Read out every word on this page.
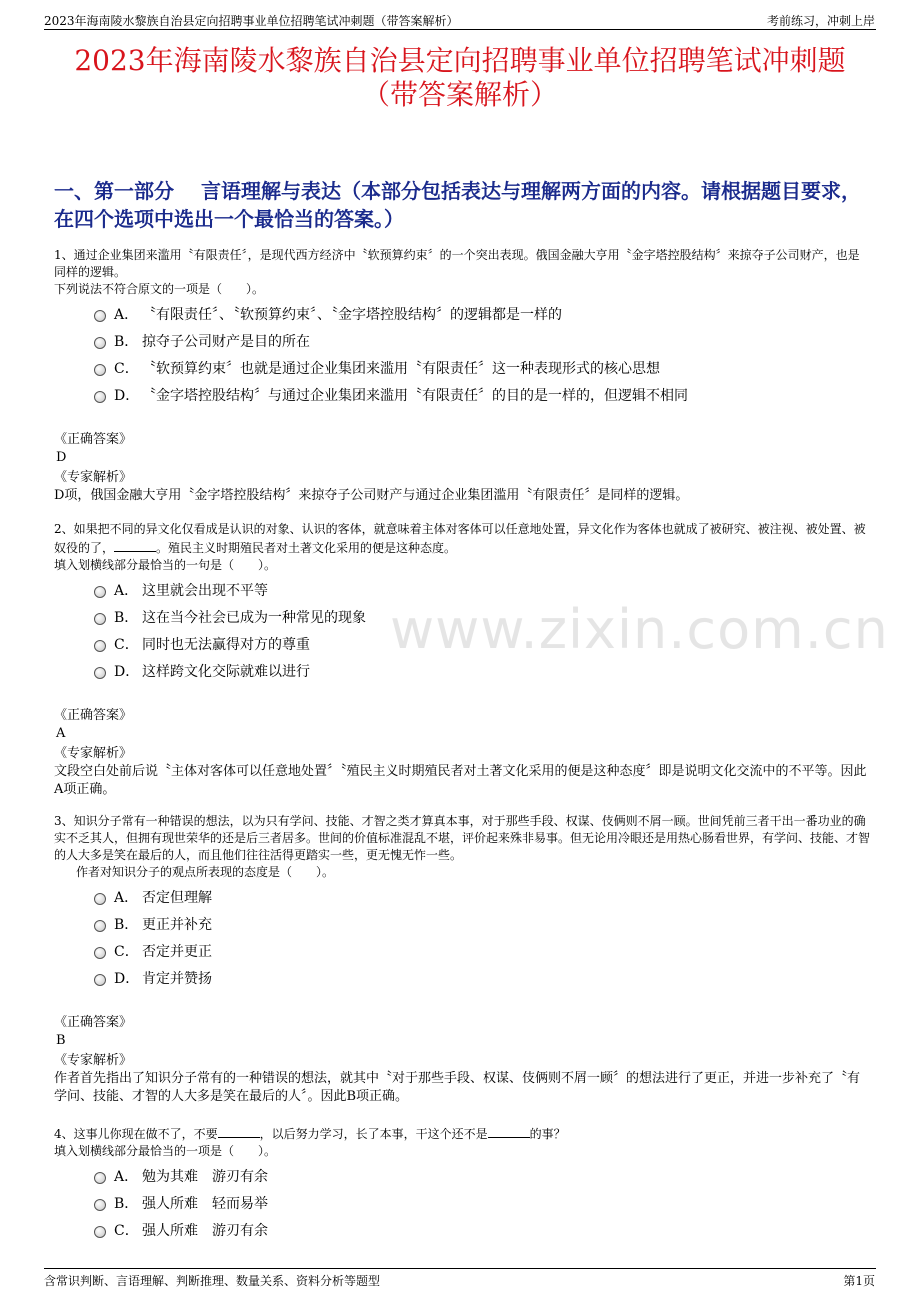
2023年海南陵水黎族自治县定向招聘事业单位招聘笔试冲刺题（带答案解析）	考前练习，冲刺上岸
2023年海南陵水黎族自治县定向招聘事业单位招聘笔试冲刺题
（带答案解析）
一、第一部分　 言语理解与表达（本部分包括表达与理解两方面的内容。请根据题目要求，在四个选项中选出一个最恰当的答案。）
www.zixin.com.cn

1、通过企业集团来滥用〝有限责任〞，是现代西方经济中〝软预算约束〞的一个突出表现。俄国金融大亨用〝金字塔控股结构〞来掠夺子公司财产，也是同样的逻辑。

下列说法不符合原文的一项是（　　）。

A． 〝有限责任〞、〝软预算约束〞、〝金字塔控股结构〞的逻辑都是一样的
B． 掠夺子公司财产是目的所在
C． 〝软预算约束〞也就是通过企业集团来滥用〝有限责任〞这一种表现形式的核心思想
D． 〝金字塔控股结构〞与通过企业集团来滥用〝有限责任〞的目的是一样的，但逻辑不相同

《正确答案》

D

《专家解析》

D项，俄国金融大亨用〝金字塔控股结构〞来掠夺子公司财产与通过企业集团滥用〝有限责任〞是同样的逻辑。

2、如果把不同的异文化仅看成是认识的对象、认识的客体，就意味着主体对客体可以任意地处置，异文化作为客体也就成了被研究、被注视、被处置、被奴役的了，	。殖民主义时期殖民者对土著文化采用的便是这种态度。

填入划横线部分最恰当的一句是（　　）。

A． 这里就会出现不平等
B． 这在当今社会已成为一种常见的现象
C． 同时也无法赢得对方的尊重
D． 这样跨文化交际就难以进行

《正确答案》

A

《专家解析》

文段空白处前后说〝主体对客体可以任意地处置〞〝殖民主义时期殖民者对土著文化采用的便是这种态度〞即是说明文化交流中的不平等。因此A项正确。

3、知识分子常有一种错误的想法，以为只有学问、技能、才智之类才算真本事，对于那些手段、权谋、伎俩则不屑一顾。世间凭前三者干出一番功业的确实不乏其人，但拥有现世荣华的还是后三者居多。世间的价值标准混乱不堪，评价起来殊非易事。但无论用冷眼还是用热心肠看世界，有学问、技能、才智的人大多是笑在最后的人，而且他们往往活得更踏实一些，更无愧无怍一些。

作者对知识分子的观点所表现的态度是（　　）。

A． 否定但理解
B． 更正并补充
C． 否定并更正
D． 肯定并赞扬

《正确答案》

B

《专家解析》

作者首先指出了知识分子常有的一种错误的想法，就其中〝对于那些手段、权谋、伎俩则不屑一顾〞的想法进行了更正，并进一步补充了〝有学问、技能、才智的人大多是笑在最后的人〞。因此B项正确。

4、这事儿你现在做不了，不要	，以后努力学习，长了本事，干这个还不是	的事？

填入划横线部分最恰当的一项是（　　）。

A． 勉为其难　游刃有余
B． 强人所难　轻而易举
C． 强人所难　游刃有余
含常识判断、言语理解、判断推理、数量关系、资料分析等题型	第1页
